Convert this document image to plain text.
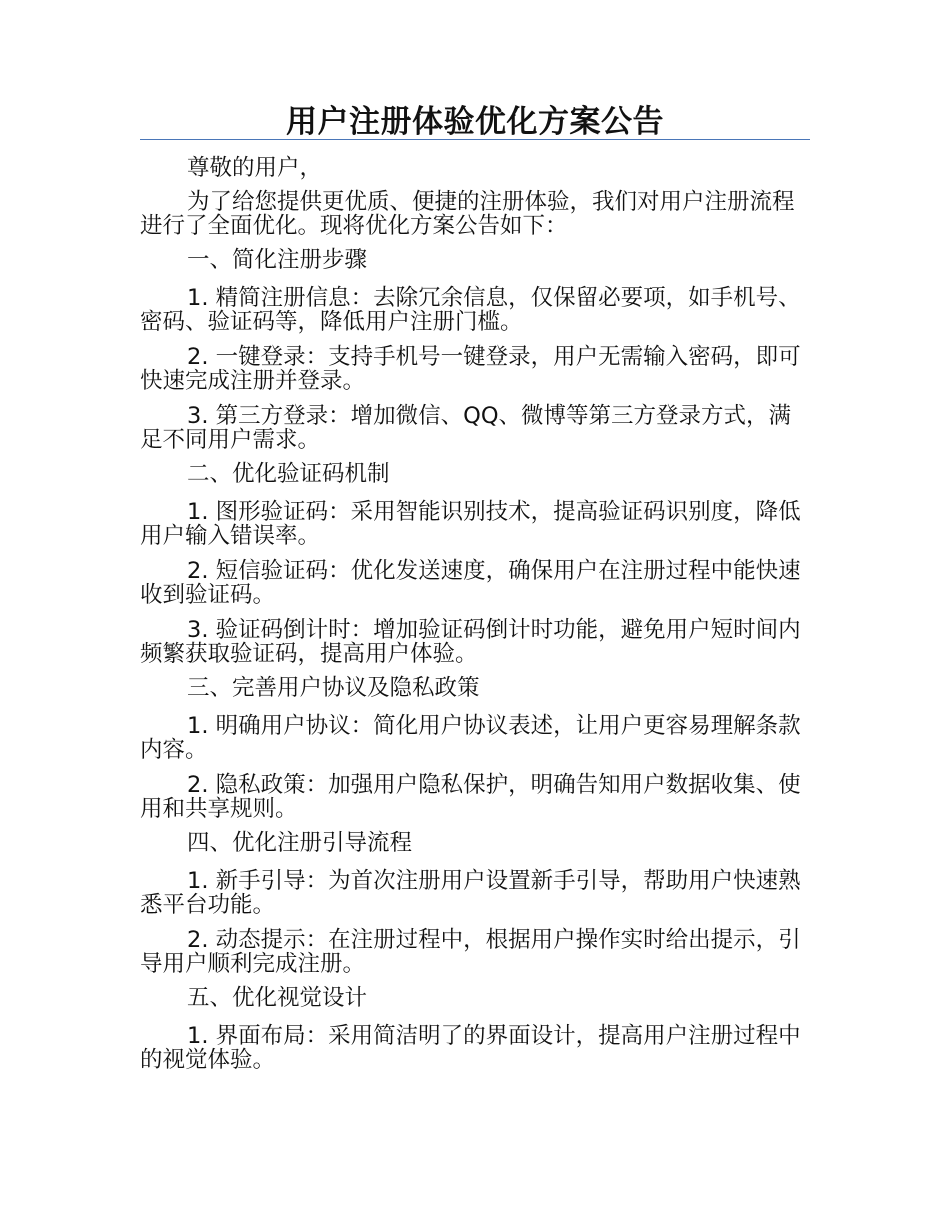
用户注册体验优化方案公告

尊敬的用户，

为了给您提供更优质、便捷的注册体验，我们对用户注册流程进行了全面优化。现将优化方案公告如下：

一、简化注册步骤

1. 精简注册信息：去除冗余信息，仅保留必要项，如手机号、密码、验证码等，降低用户注册门槛。

2. 一键登录：支持手机号一键登录，用户无需输入密码，即可快速完成注册并登录。

3. 第三方登录：增加微信、QQ、微博等第三方登录方式，满足不同用户需求。

二、优化验证码机制

1. 图形验证码：采用智能识别技术，提高验证码识别度，降低用户输入错误率。

2. 短信验证码：优化发送速度，确保用户在注册过程中能快速收到验证码。

3. 验证码倒计时：增加验证码倒计时功能，避免用户短时间内频繁获取验证码，提高用户体验。

三、完善用户协议及隐私政策

1. 明确用户协议：简化用户协议表述，让用户更容易理解条款内容。

2. 隐私政策：加强用户隐私保护，明确告知用户数据收集、使用和共享规则。

四、优化注册引导流程

1. 新手引导：为首次注册用户设置新手引导，帮助用户快速熟悉平台功能。

2. 动态提示：在注册过程中，根据用户操作实时给出提示，引导用户顺利完成注册。

五、优化视觉设计

1. 界面布局：采用简洁明了的界面设计，提高用户注册过程中的视觉体验。
